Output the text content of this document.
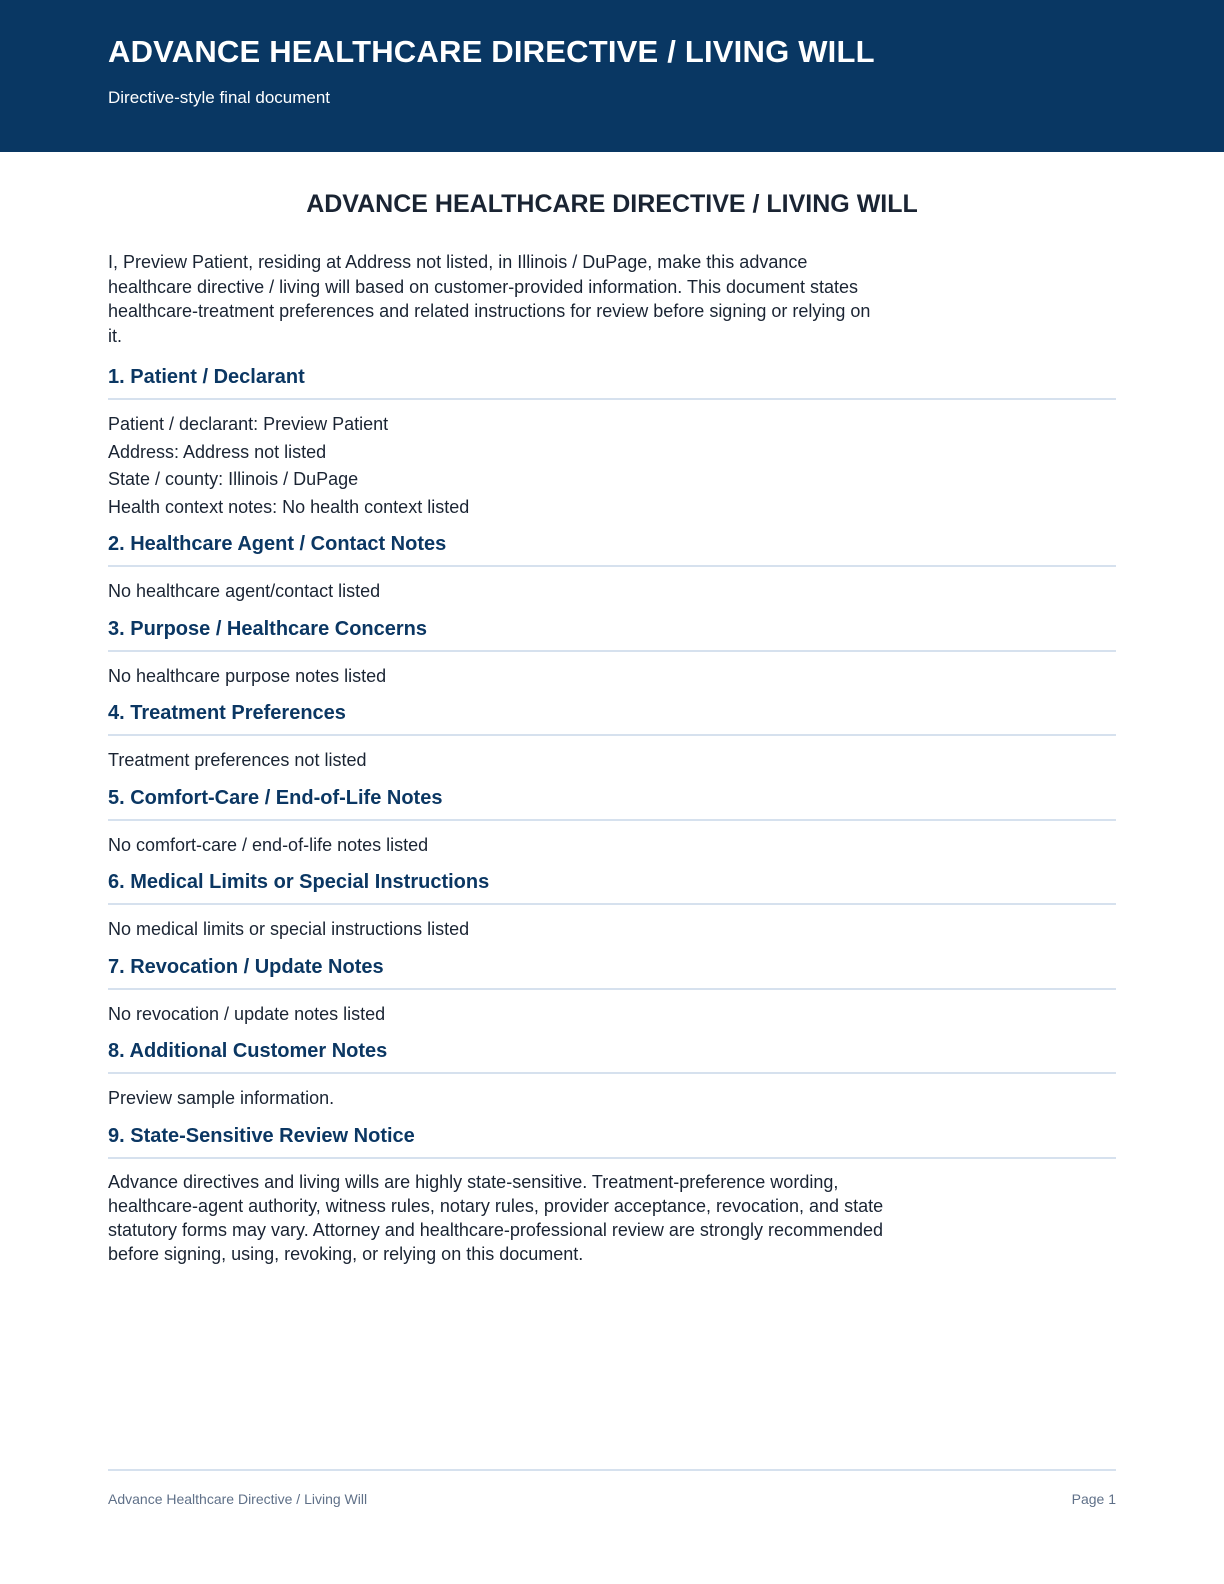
ADVANCE HEALTHCARE DIRECTIVE / LIVING WILL
Directive-style final document
ADVANCE HEALTHCARE DIRECTIVE / LIVING WILL
I, Preview Patient, residing at Address not listed, in Illinois / DuPage, make this advance healthcare directive / living will based on customer-provided information. This document states healthcare-treatment preferences and related instructions for review before signing or relying on it.
1. Patient / Declarant
Patient / declarant: Preview Patient
Address: Address not listed
State / county: Illinois / DuPage
Health context notes: No health context listed
2. Healthcare Agent / Contact Notes
No healthcare agent/contact listed
3. Purpose / Healthcare Concerns
No healthcare purpose notes listed
4. Treatment Preferences
Treatment preferences not listed
5. Comfort-Care / End-of-Life Notes
No comfort-care / end-of-life notes listed
6. Medical Limits or Special Instructions
No medical limits or special instructions listed
7. Revocation / Update Notes
No revocation / update notes listed
8. Additional Customer Notes
Preview sample information.
9. State-Sensitive Review Notice
Advance directives and living wills are highly state-sensitive. Treatment-preference wording, healthcare-agent authority, witness rules, notary rules, provider acceptance, revocation, and state statutory forms may vary. Attorney and healthcare-professional review are strongly recommended before signing, using, revoking, or relying on this document.
Advance Healthcare Directive / Living Will	Page 1
